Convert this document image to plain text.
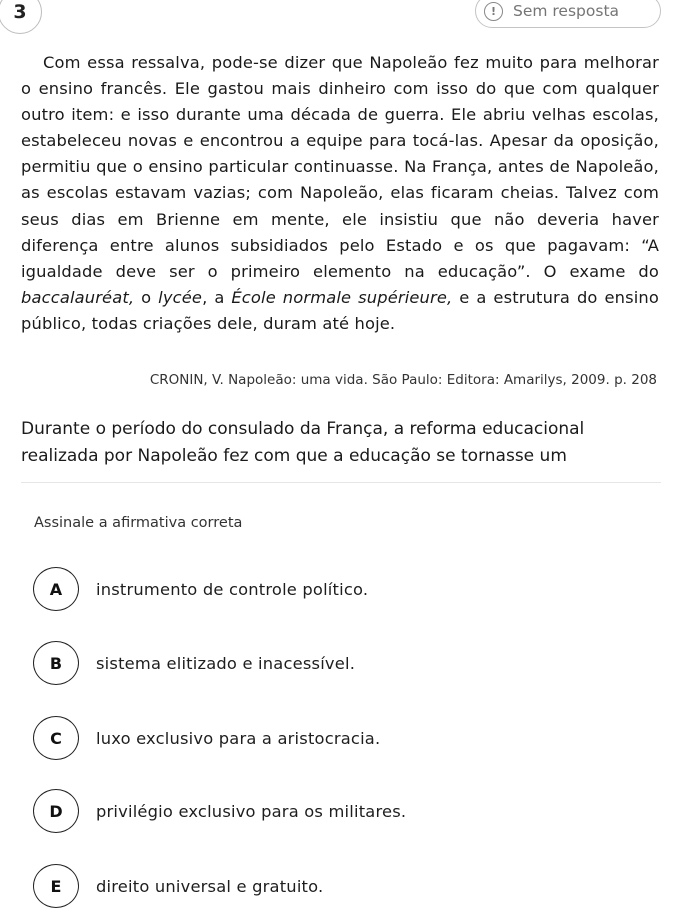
3	!	Sem resposta

Com essa ressalva, pode-se dizer que Napoleão fez muito para melhorar o ensino francês. Ele gastou mais dinheiro com isso do que com qualquer outro item: e isso durante uma década de guerra. Ele abriu velhas escolas, estabeleceu novas e encontrou a equipe para tocá-las. Apesar da oposição, permitiu que o ensino particular continuasse. Na França, antes de Napoleão, as escolas estavam vazias; com Napoleão, elas ficaram cheias. Talvez com seus dias em Brienne em mente, ele insistiu que não deveria haver diferença entre alunos subsidiados pelo Estado e os que pagavam: “A igualdade deve ser o primeiro elemento na educação”. O exame do baccalauréat, o lycée, a École normale supérieure, e a estrutura do ensino público, todas criações dele, duram até hoje.

CRONIN, V. Napoleão: uma vida. São Paulo: Editora: Amarilys, 2009. p. 208

Durante o período do consulado da França, a reforma educacional realizada por Napoleão fez com que a educação se tornasse um

Assinale a afirmativa correta
A	instrumento de controle político.
B	sistema elitizado e inacessível.
C	luxo exclusivo para a aristocracia.
D	privilégio exclusivo para os militares.
E	direito universal e gratuito.
